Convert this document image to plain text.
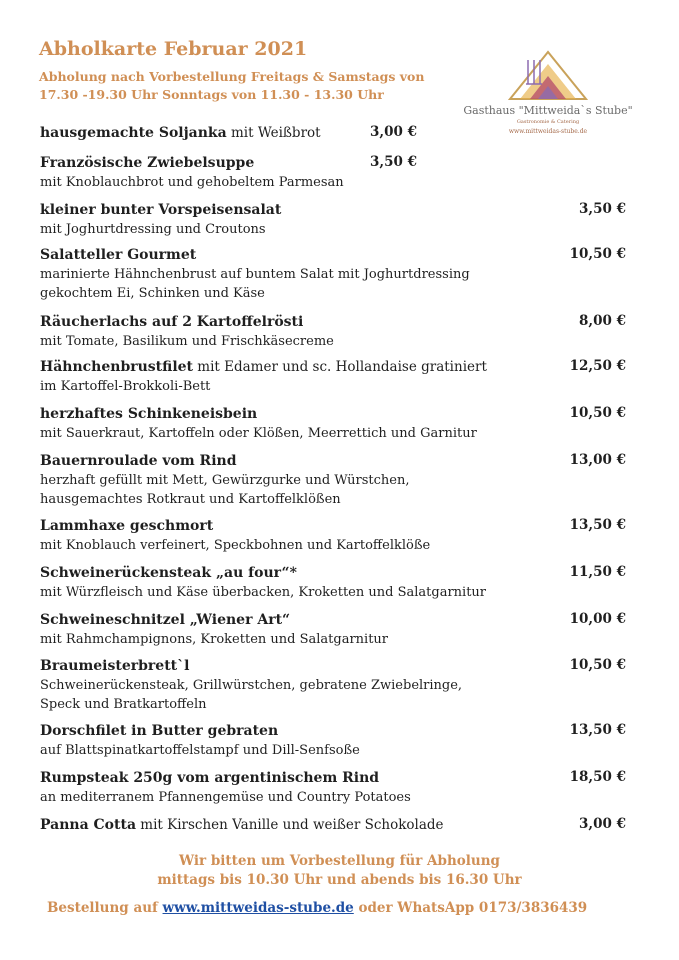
Abholkarte Februar 2021
Abholung nach Vorbestellung Freitags & Samstags von
17.30 -19.30 Uhr Sonntags von 11.30 - 13.30 Uhr
Gasthaus "Mittweida`s Stube"
Gastronomie & Catering
www.mittweidas-stube.de
hausgemachte Soljanka mit Weißbrot	3,00 €
Französische Zwiebelsuppe
mit Knoblauchbrot und gehobeltem Parmesan
3,50 €
kleiner bunter Vorspeisensalat
mit Joghurtdressing und Croutons
3,50 €
Salatteller Gourmet
marinierte Hähnchenbrust auf buntem Salat mit Joghurtdressing
gekochtem Ei, Schinken und Käse
10,50 €
Räucherlachs auf 2 Kartoffelrösti
mit Tomate, Basilikum und Frischkäsecreme
8,00 €
Hähnchenbrustfilet mit Edamer und sc. Hollandaise gratiniert
im Kartoffel-Brokkoli-Bett
12,50 €
herzhaftes Schinkeneisbein
mit Sauerkraut, Kartoffeln oder Klößen, Meerrettich und Garnitur
10,50 €
Bauernroulade vom Rind
herzhaft gefüllt mit Mett, Gewürzgurke und Würstchen,
hausgemachtes Rotkraut und Kartoffelklößen
13,00 €
Lammhaxe geschmort
mit Knoblauch verfeinert, Speckbohnen und Kartoffelklöße
13,50 €
Schweinerückensteak „au four“*
mit Würzfleisch und Käse überbacken, Kroketten und Salatgarnitur
11,50 €
Schweineschnitzel „Wiener Art“
mit Rahmchampignons, Kroketten und Salatgarnitur
10,00 €
Braumeisterbrett`l
Schweinerückensteak, Grillwürstchen, gebratene Zwiebelringe,
Speck und Bratkartoffeln
10,50 €
Dorschfilet in Butter gebraten
auf Blattspinatkartoffelstampf und Dill-Senfsoße
13,50 €
Rumpsteak 250g vom argentinischem Rind
an mediterranem Pfannengemüse und Country Potatoes
18,50 €
Panna Cotta mit Kirschen Vanille und weißer Schokolade	3,00 €
Wir bitten um Vorbestellung für Abholung
mittags bis 10.30 Uhr und abends bis 16.30 Uhr
Bestellung auf www.mittweidas-stube.de oder WhatsApp 0173/3836439
